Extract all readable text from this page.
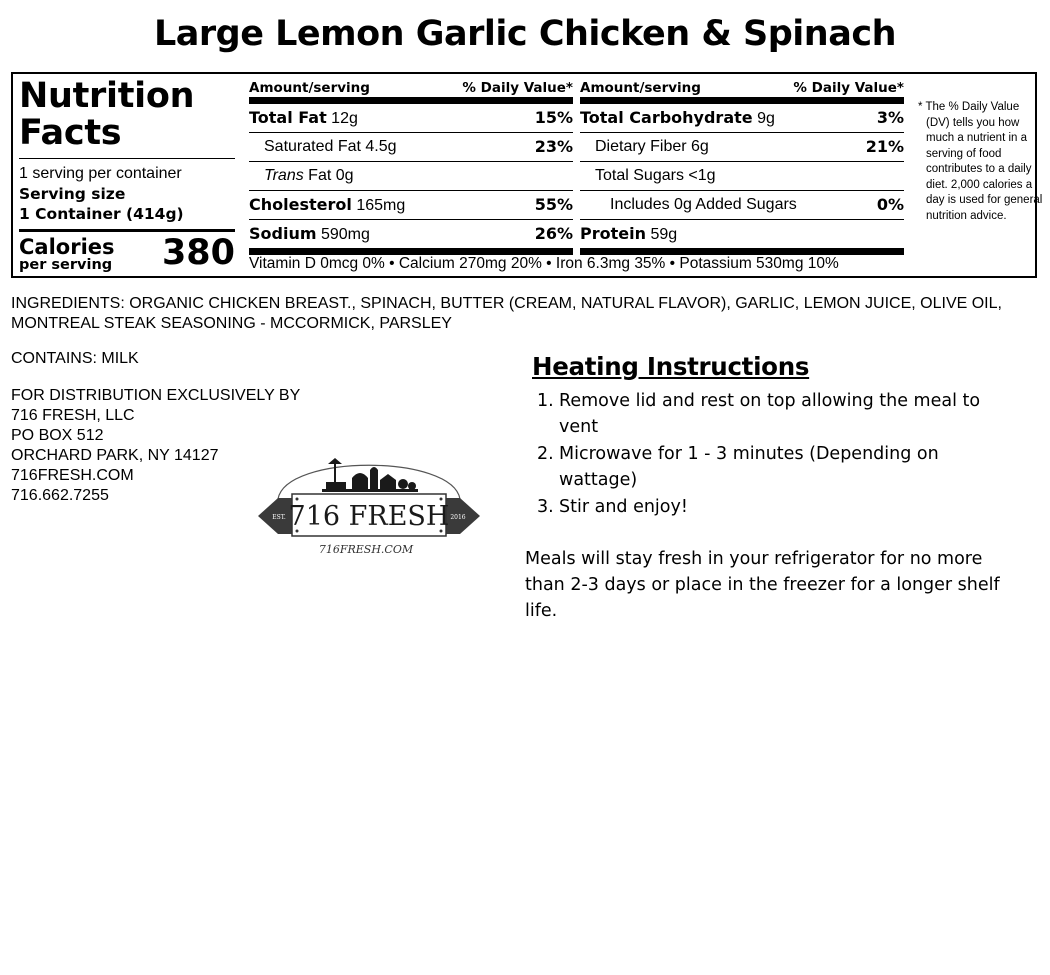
Large Lemon Garlic Chicken & Spinach
Nutrition
Facts
1 serving per container
Serving size
1 Container (414g)
Calories
per serving 380
Amount/serving	% Daily Value*
Total Fat 12g	15%
Saturated Fat 4.5g	23%
Trans Fat 0g
Cholesterol 165mg	55%
Sodium 590mg	26%
Amount/serving	% Daily Value*
Total Carbohydrate 9g	3%
Dietary Fiber 6g	21%
Total Sugars <1g
Includes 0g Added Sugars	0%
Protein 59g
Vitamin D 0mcg 0% • Calcium 270mg 20% • Iron 6.3mg 35% • Potassium 530mg 10%
* The % Daily Value (DV) tells you how much a nutrient in a serving of food contributes to a daily diet. 2,000 calories a day is used for general nutrition advice.
INGREDIENTS: ORGANIC CHICKEN BREAST., SPINACH, BUTTER (CREAM, NATURAL FLAVOR), GARLIC, LEMON JUICE, OLIVE OIL, MONTREAL STEAK SEASONING - MCCORMICK, PARSLEY
CONTAINS: MILK
FOR DISTRIBUTION EXCLUSIVELY BY
716 FRESH, LLC
PO BOX 512
ORCHARD PARK, NY 14127
716FRESH.COM
716.662.7255
EST.	2016
716 FRESH
716FRESH.COM
Heating Instructions
1. Remove lid and rest on top allowing the meal to vent
2. Microwave for 1 - 3 minutes (Depending on wattage)
3. Stir and enjoy!
Meals will stay fresh in your refrigerator for no more than 2-3 days or place in the freezer for a longer shelf life.
